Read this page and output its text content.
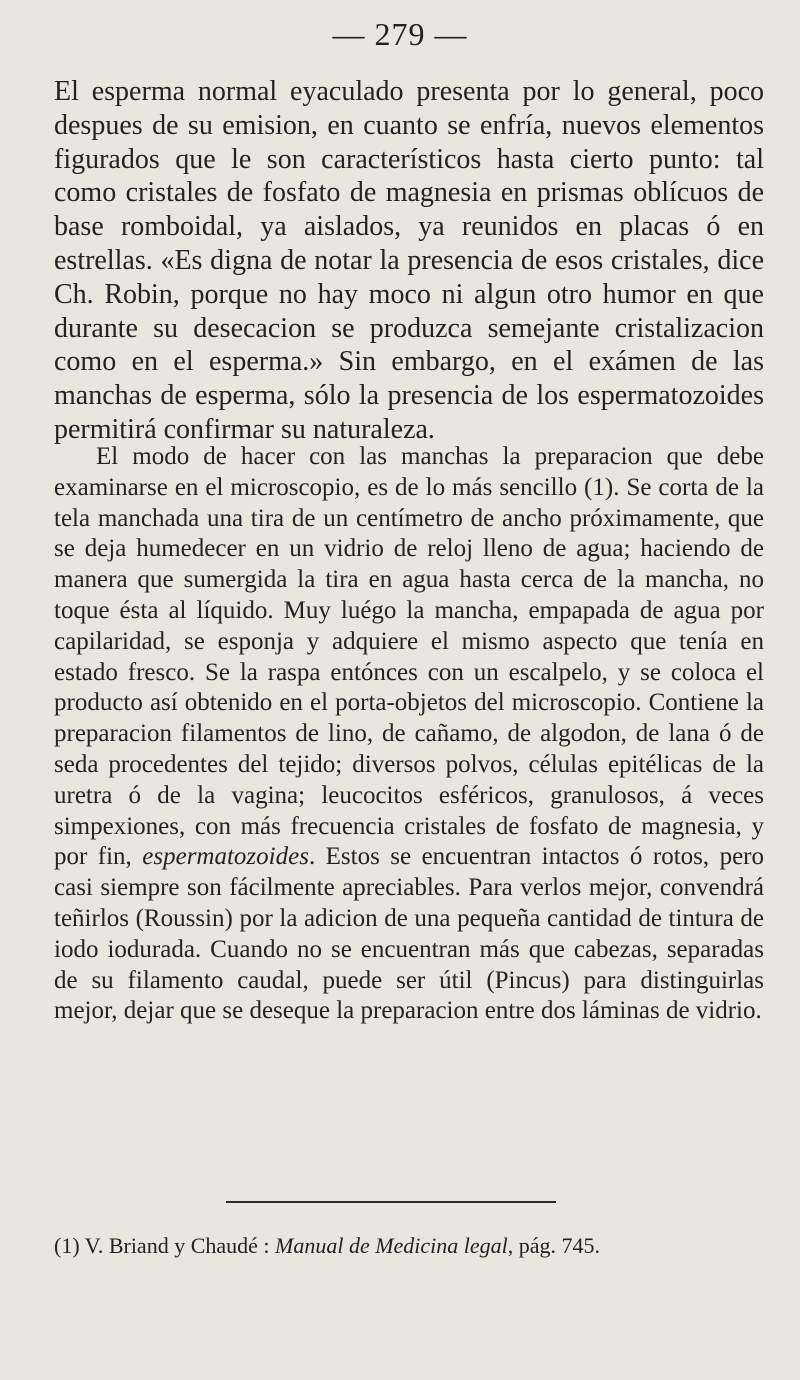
— 279 —

El esperma normal eyaculado presenta por lo general, poco despues de su emision, en cuanto se enfría, nuevos elementos figurados que le son característicos hasta cierto punto: tal como cristales de fosfato de magnesia en prismas oblícuos de base romboidal, ya aislados, ya reunidos en placas ó en estrellas. «Es digna de notar la presencia de esos cristales, dice Ch. Robin, porque no hay moco ni algun otro humor en que durante su desecacion se produzca semejante cristalizacion como en el esperma.» Sin embargo, en el exámen de las manchas de esperma, sólo la presencia de los espermatozoides permitirá confirmar su naturaleza.

El modo de hacer con las manchas la preparacion que debe examinarse en el microscopio, es de lo más sencillo (1). Se corta de la tela manchada una tira de un centímetro de ancho próximamente, que se deja humedecer en un vidrio de reloj lleno de agua; haciendo de manera que sumergida la tira en agua hasta cerca de la mancha, no toque ésta al líquido. Muy luégo la mancha, empapada de agua por capilaridad, se esponja y adquiere el mismo aspecto que tenía en estado fresco. Se la raspa entónces con un escalpelo, y se coloca el producto así obtenido en el porta-objetos del microscopio. Contiene la preparacion filamentos de lino, de cañamo, de algodon, de lana ó de seda procedentes del tejido; diversos polvos, células epitélicas de la uretra ó de la vagina; leucocitos esféricos, granulosos, á veces simpexiones, con más frecuencia cristales de fosfato de magnesia, y por fin, espermatozoides. Estos se encuentran intactos ó rotos, pero casi siempre son fácilmente apreciables. Para verlos mejor, convendrá teñirlos (Roussin) por la adicion de una pequeña cantidad de tintura de iodo iodurada. Cuando no se encuentran más que cabezas, separadas de su filamento caudal, puede ser útil (Pincus) para distinguirlas mejor, dejar que se deseque la preparacion entre dos láminas de vidrio.

(1) V. Briand y Chaudé : Manual de Medicina legal, pág. 745.
